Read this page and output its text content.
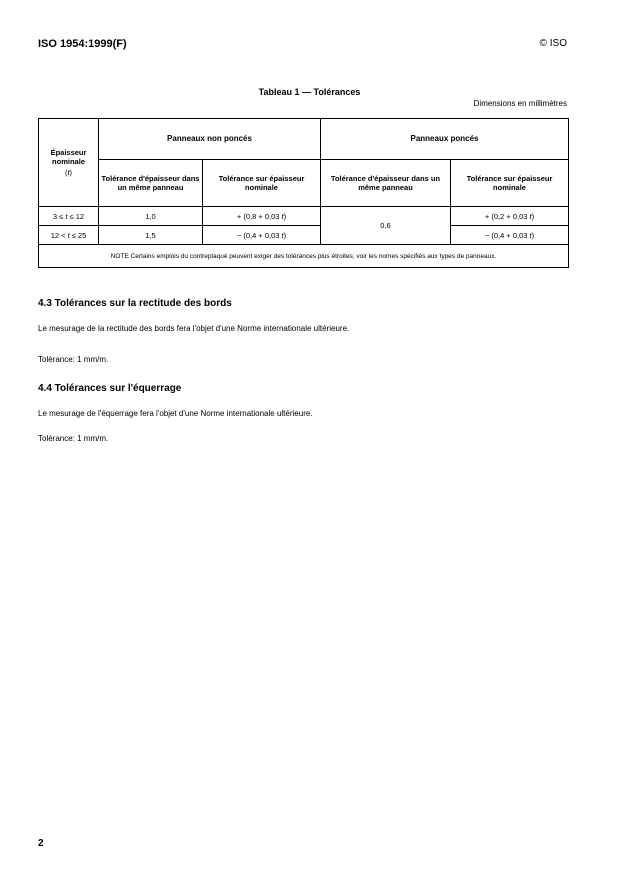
ISO 1954:1999(F)	© ISO
Tableau 1 — Tolérances
Dimensions en millimètres
Épaisseur nominale
(t)	Panneaux non poncés		Panneaux poncés	
	Tolérance d'épaisseur dans un même panneau	Tolérance sur épaisseur nominale	Tolérance d'épaisseur dans un même panneau	Tolérance sur épaisseur nominale
3 ≤ t ≤ 12	1,0	+ (0,8 + 0,03 t)	0,6	+ (0,2 + 0,03 t)
12 < t ≤ 25	1,5	− (0,4 + 0,03 t)		− (0,4 + 0,03 t)
NOTE Certains emplois du contreplaqué peuvent exiger des tolérances plus étroites; voir les nomes spécifiés aux types de panneaux.				
4.3 Tolérances sur la rectitude des bords
Le mesurage de la rectitude des bords fera l'objet d'une Norme internationale ultérieure.
Tolérance: 1 mm/m.
4.4 Tolérances sur l'équerrage
Le mesurage de l'équerrage fera l'objet d'une Norme internationale ultérieure.
Tolérance: 1 mm/m.
2
